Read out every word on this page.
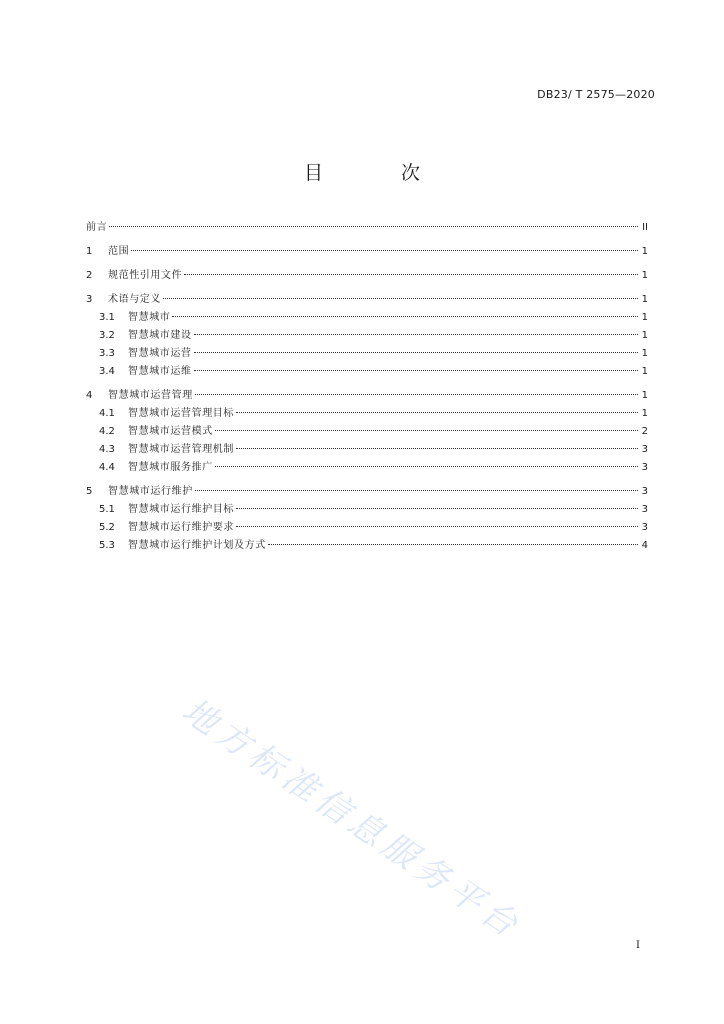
DB23/ T 2575—2020
目 次
前言	II
1	范围	1
2	规范性引用文件	1
3	术语与定义	1
3.1	智慧城市	1
3.2	智慧城市建设	1
3.3	智慧城市运营	1
3.4	智慧城市运维	1
4	智慧城市运营管理	1
4.1	智慧城市运营管理目标	1
4.2	智慧城市运营模式	2
4.3	智慧城市运营管理机制	3
4.4	智慧城市服务推广	3
5	智慧城市运行维护	3
5.1	智慧城市运行维护目标	3
5.2	智慧城市运行维护要求	3
5.3	智慧城市运行维护计划及方式	4
地方标准信息服务平台	I
